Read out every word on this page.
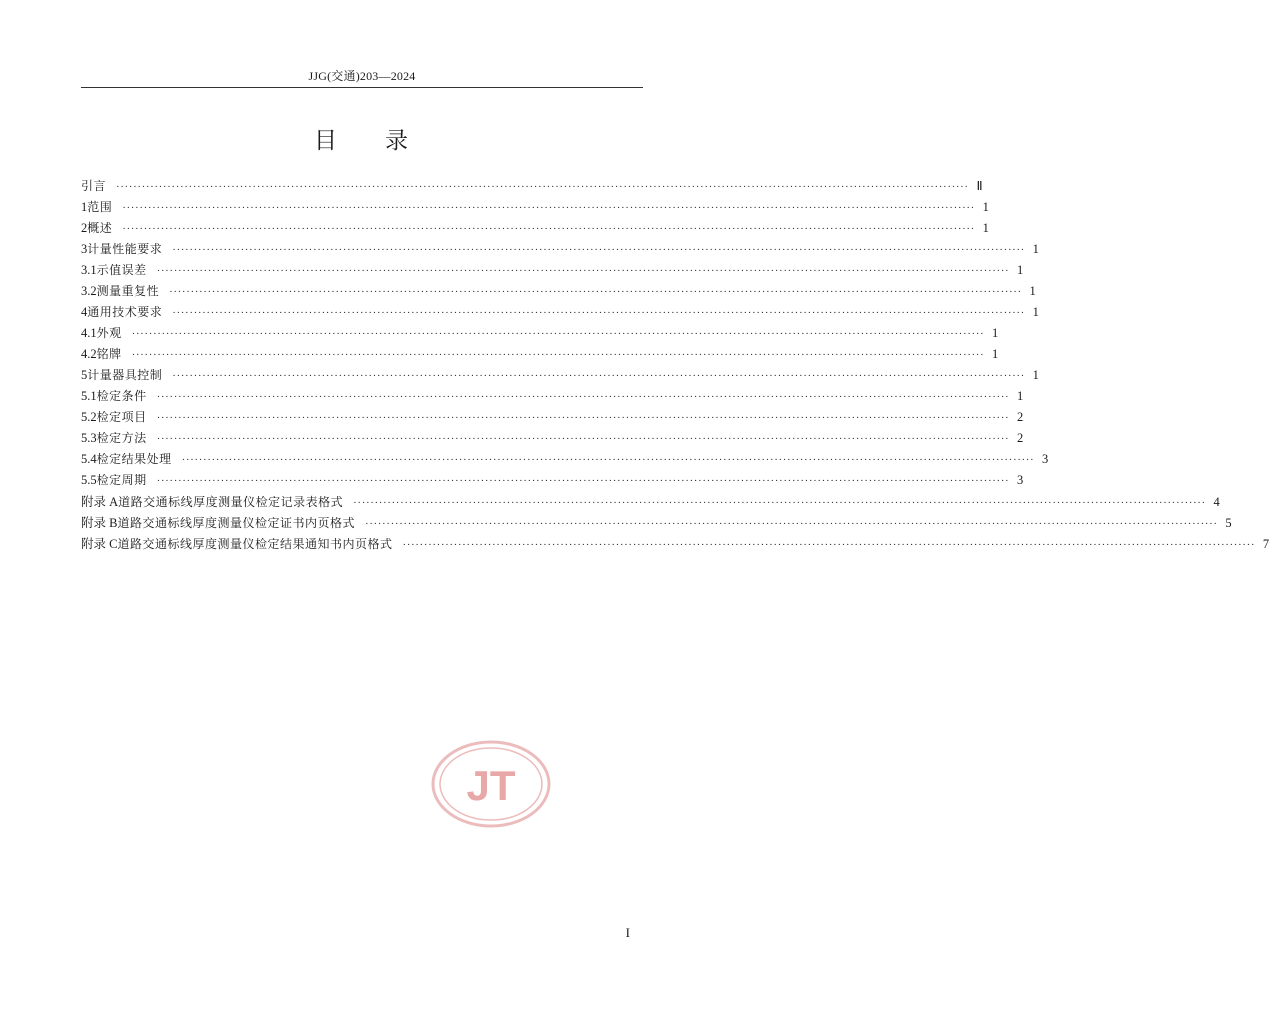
JJG(交通)203—2024
目 录
引言 ········································································································································································································ Ⅱ
1 范围 ········································································································································································································ 1
2 概述 ········································································································································································································ 1
3 计量性能要求 ········································································································································································································ 1
3.1 示值误差 ········································································································································································································ 1
3.2 测量重复性 ········································································································································································································ 1
4 通用技术要求 ········································································································································································································ 1
4.1 外观 ········································································································································································································ 1
4.2 铭牌 ········································································································································································································ 1
5 计量器具控制 ········································································································································································································ 1
5.1 检定条件 ········································································································································································································ 1
5.2 检定项目 ········································································································································································································ 2
5.3 检定方法 ········································································································································································································ 2
5.4 检定结果处理 ········································································································································································································ 3
5.5 检定周期 ········································································································································································································ 3
附录 A 道路交通标线厚度测量仪检定记录表格式 ········································································································································································································ 4
附录 B 道路交通标线厚度测量仪检定证书内页格式 ········································································································································································································ 5
附录 C 道路交通标线厚度测量仪检定结果通知书内页格式 ········································································································································································································ 7
JT
I
